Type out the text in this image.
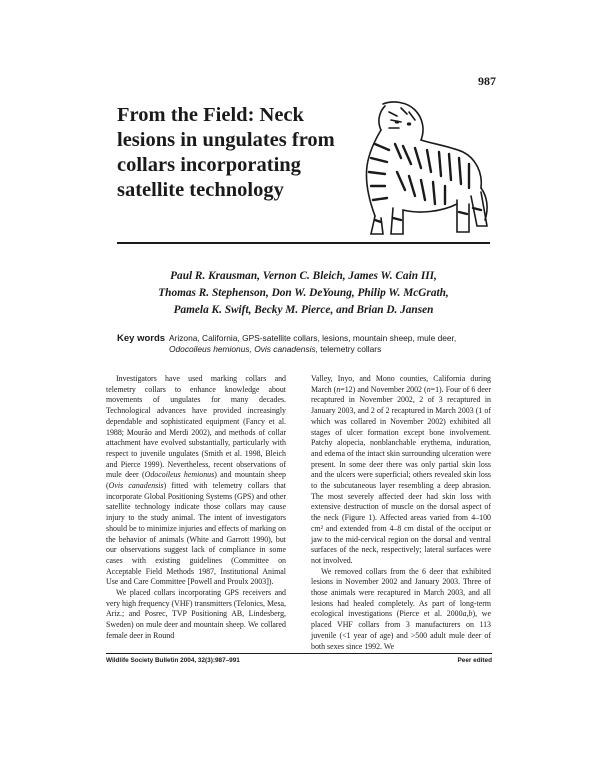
987
From the Field: Neck lesions in ungulates from collars incorporating satellite technology
Paul R. Krausman, Vernon C. Bleich, James W. Cain III,
Thomas R. Stephenson, Don W. DeYoung, Philip W. McGrath,
Pamela K. Swift, Becky M. Pierce, and Brian D. Jansen
Key words Arizona, California, GPS-satellite collars, lesions, mountain sheep, mule deer,
Odocoileus hemionus, Ovis canadensis, telemetry collars

Investigators have used marking collars and telemetry collars to enhance knowledge about movements of ungulates for many decades. Technological advances have provided increasingly dependable and sophisticated equipment (Fancy et al. 1988; Mourão and Merdi 2002), and methods of collar attachment have evolved substantially, particularly with respect to juvenile ungulates (Smith et al. 1998, Bleich and Pierce 1999). Nevertheless, recent observations of mule deer (Odocoileus hemionus) and mountain sheep (Ovis canadensis) fitted with telemetry collars that incorporate Global Positioning Systems (GPS) and other satellite technology indicate those collars may cause injury to the study animal. The intent of investigators should be to minimize injuries and effects of marking on the behavior of animals (White and Garrott 1990), but our observations suggest lack of compliance in some cases with existing guidelines (Committee on Acceptable Field Methods 1987, Institutional Animal Use and Care Committee [Powell and Proulx 2003]).

We placed collars incorporating GPS receivers and very high frequency (VHF) transmitters (Telonics, Mesa, Ariz.; and Posrec, TVP Positioning AB, Lindesberg, Sweden) on mule deer and mountain sheep. We collared female deer in Round

Valley, Inyo, and Mono counties, California during March (n=12) and November 2002 (n=1). Four of 6 deer recaptured in November 2002, 2 of 3 recaptured in January 2003, and 2 of 2 recaptured in March 2003 (1 of which was collared in November 2002) exhibited all stages of ulcer formation except bone involvement. Patchy alopecia, nonblanchable erythema, induration, and edema of the intact skin surrounding ulceration were present. In some deer there was only partial skin loss and the ulcers were superficial; others revealed skin loss to the subcutaneous layer resembling a deep abrasion. The most severely affected deer had skin loss with extensive destruction of muscle on the dorsal aspect of the neck (Figure 1). Affected areas varied from 4–100 cm² and extended from 4–8 cm distal of the occiput or jaw to the mid-cervical region on the dorsal and ventral surfaces of the neck, respectively; lateral surfaces were not involved.

We removed collars from the 6 deer that exhibited lesions in November 2002 and January 2003. Three of those animals were recaptured in March 2003, and all lesions had healed completely. As part of long-term ecological investigations (Pierce et al. 2000a,b), we placed VHF collars from 3 manufacturers on 113 juvenile (<1 year of age) and >500 adult mule deer of both sexes since 1992. We

Wildlife Society Bulletin 2004, 32(3):987–991	Peer edited
